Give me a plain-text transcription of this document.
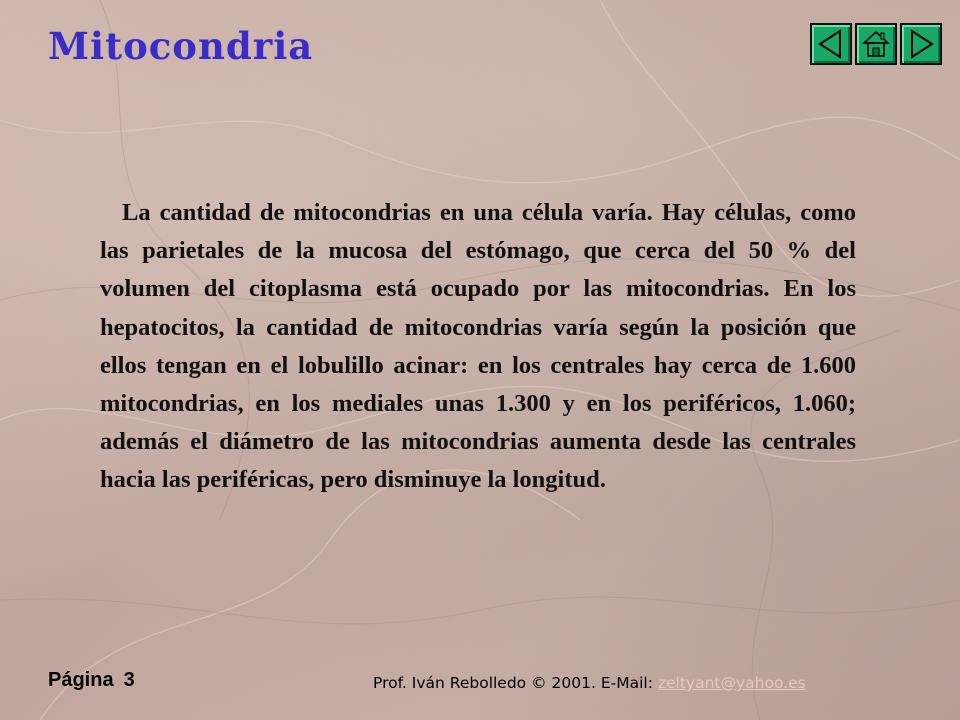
Mitocondria

La cantidad de mitocondrias en una célula varía. Hay células, como las parietales de la mucosa del estómago, que cerca del 50 % del volumen del citoplasma está ocupado por las mitocondrias. En los hepatocitos, la cantidad de mitocondrias varía según la posición que ellos tengan en el lobulillo acinar: en los centrales hay cerca de 1.600 mitocondrias, en los mediales unas 1.300 y en los periféricos, 1.060; además el diámetro de las mitocondrias aumenta desde las centrales hacia las periféricas, pero disminuye la longitud.

Página 3	Prof. Iván Rebolledo © 2001. E-Mail: zeltyant@yahoo.es
